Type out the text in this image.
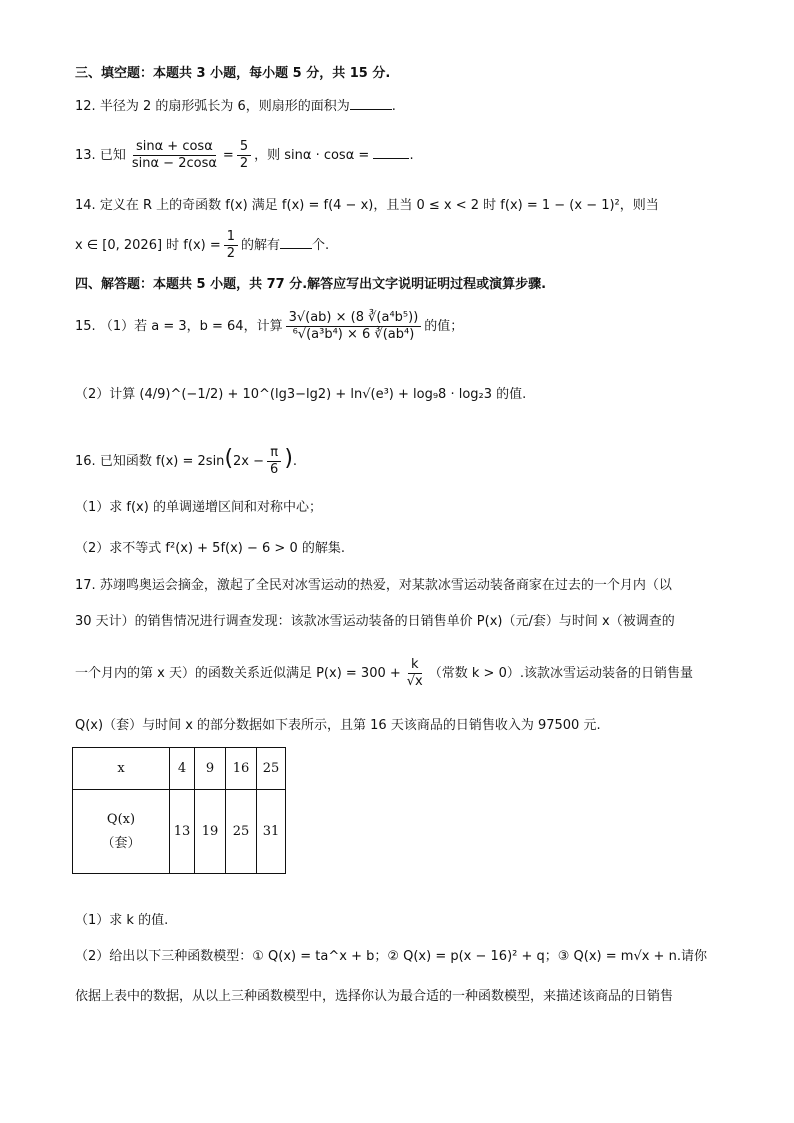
三、填空题：本题共 3 小题，每小题 5 分，共 15 分.
12. 半径为 2 的扇形弧长为 6，则扇形的面积为	.
13. 已知 $\frac{\sin\alpha + \cos\alpha}{\sin\alpha - 2\cos\alpha} = \frac{5}{2}$ ，则 sinα · cosα =	.
14. 定义在 R 上的奇函数 f(x) 满足 f(x) = f(4 − x)，且当 0 ≤ x < 2 时 f(x) = 1 − (x − 1)²，则当
x ∈ [0, 2026] 时 $f(x) = \frac{1}{2}$ 的解有 个.
四、解答题：本题共 5 小题，共 77 分.解答应写出文字说明证明过程或演算步骤.
15. （1）若 a = 3，b = 64，计算 $\frac{\text{3√(ab) × (8 ∛(a⁴b⁵))}}{\text{⁶√(a³b⁴) × 6 ∛(ab⁴)}}$ 的值；
（2）计算 (4/9)^(−1/2) + 10^(lg3−lg2) + ln√(e³) + log₉8 · log₂3 的值.
16. 已知函数 $f(x) = 2\sin(2x - \frac{\pi}{6}$ ).
（1）求 f(x) 的单调递增区间和对称中心；
（2）求不等式 f²(x) + 5f(x) − 6 > 0 的解集.
17. 苏翊鸣奥运会摘金，激起了全民对冰雪运动的热爱，对某款冰雪运动装备商家在过去的一个月内（以
30 天计）的销售情况进行调查发现：该款冰雪运动装备的日销售单价 P(x)（元/套）与时间 x（被调查的
一个月内的第 x 天）的函数关系近似满足 $P(x) = 300 + \frac{k}{√x}$ （常数 k > 0）.该款冰雪运动装备的日销售量
Q(x)（套）与时间 x 的部分数据如下表所示，且第 16 天该商品的日销售收入为 97500 元.
x	4	9	16	25

Q(x)
（套）	13	19	25	31
（1）求 k 的值.
（2）给出以下三种函数模型：① Q(x) = ta^x + b；② Q(x) = p(x − 16)² + q；③ Q(x) = m√x + n.请你
依据上表中的数据，从以上三种函数模型中，选择你认为最合适的一种函数模型，来描述该商品的日销售
